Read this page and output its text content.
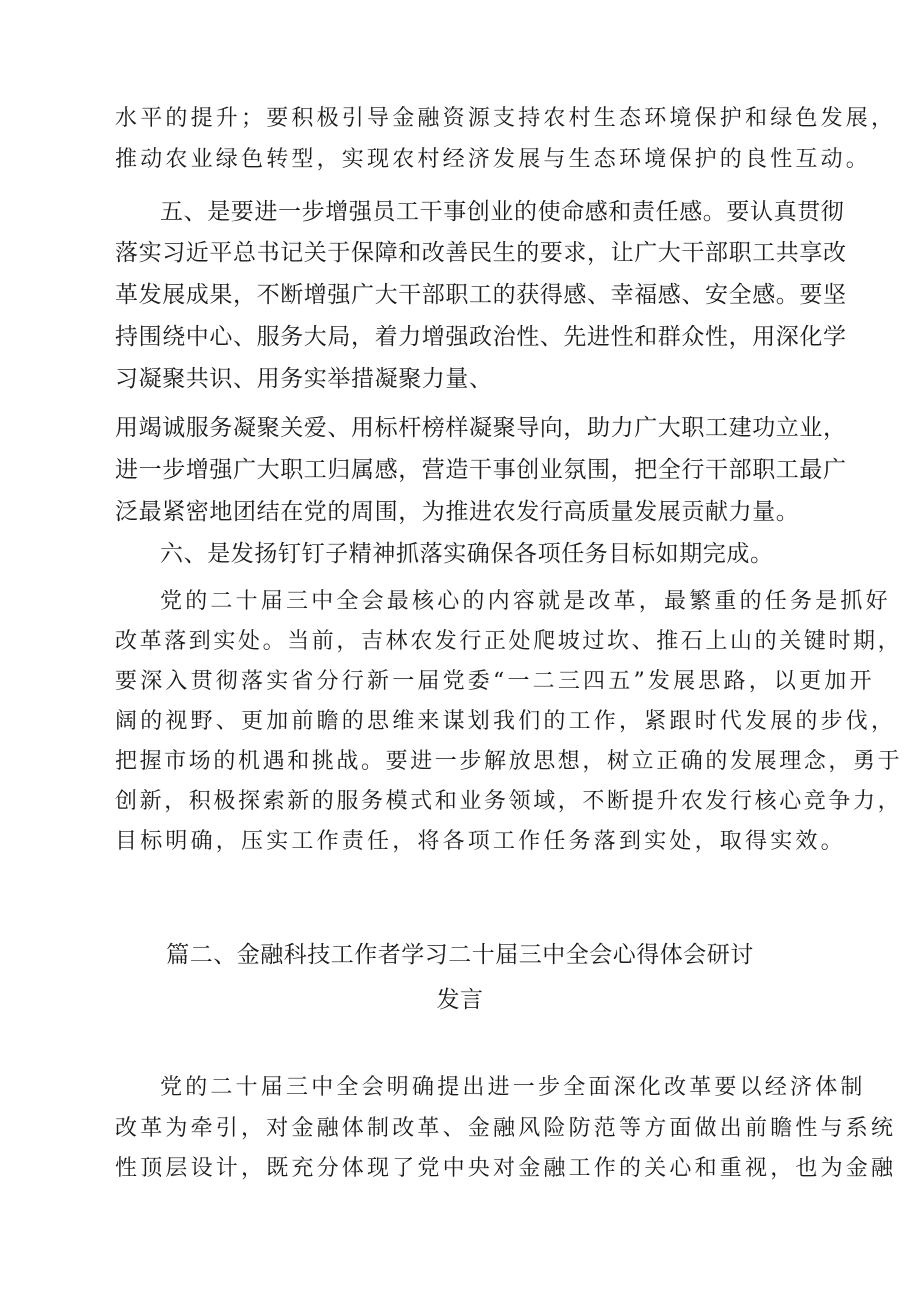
水平的提升；要积极引导金融资源支持农村生态环境保护和绿色发展，
推动农业绿色转型，实现农村经济发展与生态环境保护的良性互动。
五、是要进一步增强员工干事创业的使命感和责任感。要认真贯彻
落实习近平总书记关于保障和改善民生的要求，让广大干部职工共享改
革发展成果，不断增强广大干部职工的获得感、幸福感、安全感。要坚
持围绕中心、服务大局，着力增强政治性、先进性和群众性，用深化学
习凝聚共识、用务实举措凝聚力量、
用竭诚服务凝聚关爱、用标杆榜样凝聚导向，助力广大职工建功立业，
进一步增强广大职工归属感，营造干事创业氛围，把全行干部职工最广
泛最紧密地团结在党的周围，为推进农发行高质量发展贡献力量。
六、是发扬钉钉子精神抓落实确保各项任务目标如期完成。
党的二十届三中全会最核心的内容就是改革，最繁重的任务是抓好
改革落到实处。当前，吉林农发行正处爬坡过坎、推石上山的关键时期，
要深入贯彻落实省分行新一届党委“一二三四五”发展思路，以更加开
阔的视野、更加前瞻的思维来谋划我们的工作，紧跟时代发展的步伐，
把握市场的机遇和挑战。要进一步解放思想，树立正确的发展理念，勇于
创新，积极探索新的服务模式和业务领域，不断提升农发行核心竞争力，
目标明确，压实工作责任，将各项工作任务落到实处，取得实效。
篇二、金融科技工作者学习二十届三中全会心得体会研讨
发言
党的二十届三中全会明确提出进一步全面深化改革要以经济体制
改革为牵引，对金融体制改革、金融风险防范等方面做出前瞻性与系统
性顶层设计，既充分体现了党中央对金融工作的关心和重视，也为金融
